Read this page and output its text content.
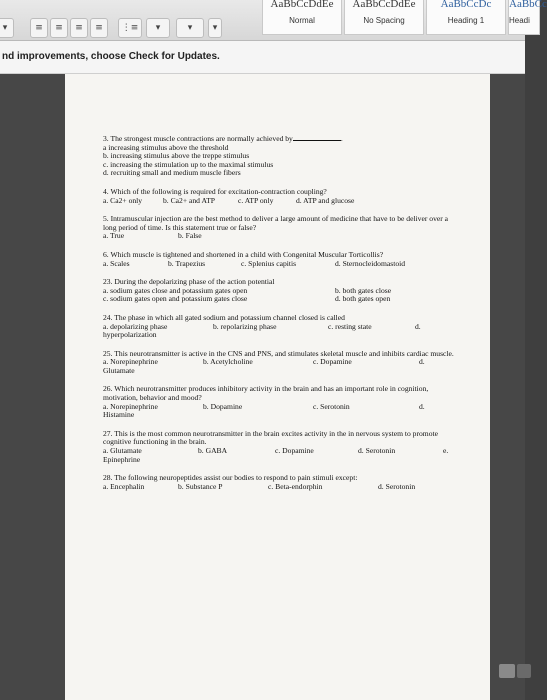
▾	≡	≡	≡	≡	⋮≡	▾	▾	▾
AaBbCcDdEe
Normal
AaBbCcDdEe
No Spacing
AaBbCcDc
Heading 1
AaBbCc
Headi
nd improvements, choose Check for Updates.
3. The strongest muscle contractions are normally achieved by	.
a increasing stimulus above the threshold
b. increasing stimulus above the treppe stimulus
c. increasing the stimulation up to the maximal stimulus
d. recruiting small and medium muscle fibers
4. Which of the following is required for excitation-contraction coupling?
a. Ca2+ only	b. Ca2+ and ATP	c. ATP only	d. ATP and glucose
5. Intramuscular injection are the best method to deliver a large amount of medicine that have to be deliver over a long period of time. Is this statement true or false?
a. True	b. False
6. Which muscle is tightened and shortened in a child with Congenital Muscular Torticollis?
a. Scales	b. Trapezius	c. Splenius capitis	d. Sternocleidomastoid
23. During the depolarizing phase of the action potential
a. sodium gates close and potassium gates open	b. both gates close
c. sodium gates open and potassium gates close	d. both gates open
24. The phase in which all gated sodium and potassium channel closed is called
a. depolarizing phase	b. repolarizing phase	c. resting state	d.
hyperpolarization
25. This neurotransmitter is active in the CNS and PNS, and stimulates skeletal muscle and inhibits cardiac muscle.
a. Norepinephrine	b. Acetylcholine	c. Dopamine	d.
Glutamate
26. Which neurotransmitter produces inhibitory activity in the brain and has an important role in cognition, motivation, behavior and mood?
a. Norepinephrine	b. Dopamine	c. Serotonin	d.
Histamine
27. This is the most common neurotransmitter in the brain excites activity in the in nervous system to promote cognitive functioning in the brain.
a. Glutamate	b. GABA	c. Dopamine	d. Serotonin	e.
Epinephrine
28. The following neuropeptides assist our bodies to respond to pain stimuli except:
a. Encephalin	b. Substance P	c. Beta-endorphin	d. Serotonin
